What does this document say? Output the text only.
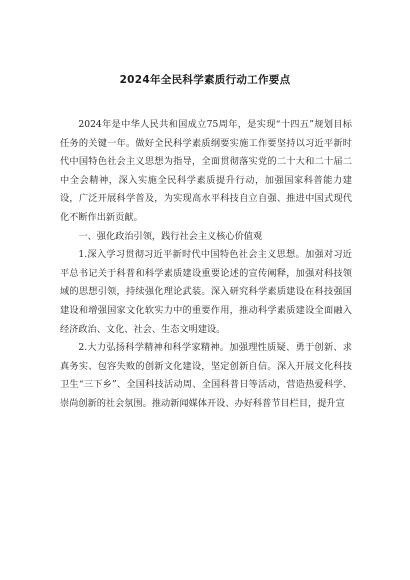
2024年全民科学素质行动工作要点

2024年是中华人民共和国成立75周年，是实现“十四五”规划目标任务的关键一年。做好全民科学素质纲要实施工作要坚持以习近平新时代中国特色社会主义思想为指导，全面贯彻落实党的二十大和二十届二中全会精神，深入实施全民科学素质提升行动，加强国家科普能力建设，广泛开展科学普及，为实现高水平科技自立自强、推进中国式现代化不断作出新贡献。

一、强化政治引领，践行社会主义核心价值观

1.深入学习贯彻习近平新时代中国特色社会主义思想。加强对习近平总书记关于科普和科学素质建设重要论述的宣传阐释，加强对科技领域的思想引领，持续强化理论武装。深入研究科学素质建设在科技强国建设和增强国家文化软实力中的重要作用，推动科学素质建设全面融入经济政治、文化、社会、生态文明建设。

2.大力弘扬科学精神和科学家精神。加强理性质疑、勇于创新、求真务实、包容失败的创新文化建设，坚定创新自信。深入开展文化科技卫生“三下乡”、全国科技活动周、全国科普日等活动，营造热爱科学、崇尚创新的社会氛围。推动新闻媒体开设、办好科普节目栏目，提升宣
